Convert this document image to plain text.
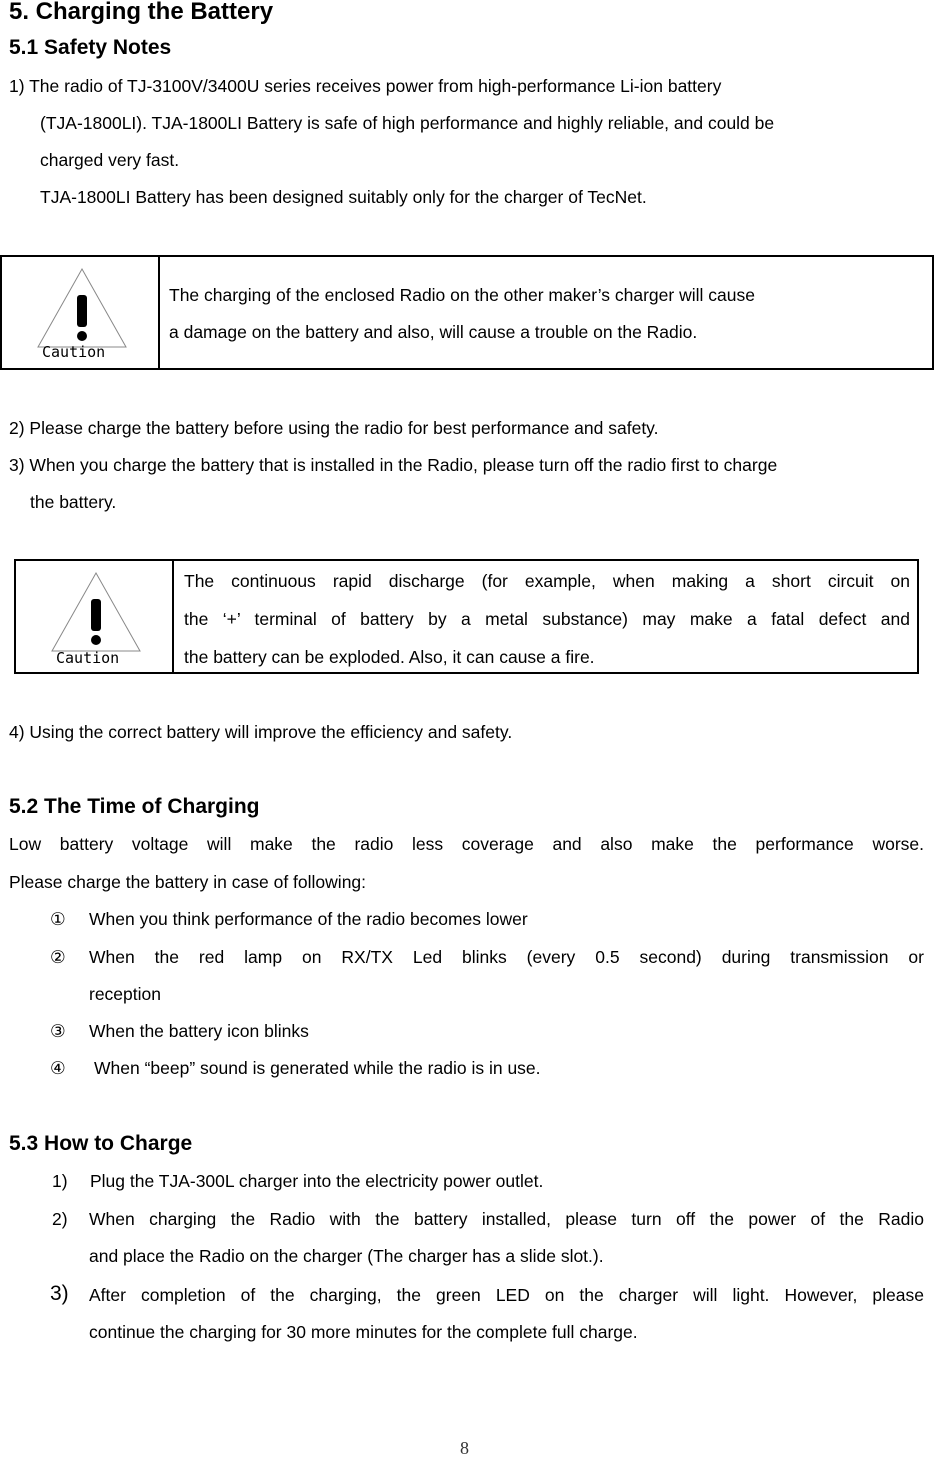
5. Charging the Battery
5.1 Safety Notes
1) The radio of TJ-3100V/3400U series receives power from high-performance Li-ion battery
(TJA-1800LI). TJA-1800LI Battery is safe of high performance and highly reliable, and could be
charged very fast.
TJA-1800LI Battery has been designed suitably only for the charger of TecNet.
Caution
The charging of the enclosed Radio on the other maker’s charger will cause
a damage on the battery and also, will cause a trouble on the Radio.
2) Please charge the battery before using the radio for best performance and safety.
3) When you charge the battery that is installed in the Radio, please turn off the radio first to charge
the battery.
Caution
The continuous rapid discharge (for example, when making a short circuit on
the ‘+’ terminal of battery by a metal substance) may make a fatal defect and
the battery can be exploded. Also, it can cause a fire.
4) Using the correct battery will improve the efficiency and safety.
5.2 The Time of Charging
Low battery voltage will make the radio less coverage and also make the performance worse.
Please charge the battery in case of following:
① When you think performance of the radio becomes lower
② When the red lamp on RX/TX Led blinks (every 0.5 second) during transmission or
reception
③ When the battery icon blinks
④ When “beep” sound is generated while the radio is in use.
5.3 How to Charge
1) Plug the TJA-300L charger into the electricity power outlet.
2) When charging the Radio with the battery installed, please turn off the power of the Radio
and place the Radio on the charger (The charger has a slide slot.).
3) After completion of the charging, the green LED on the charger will light. However, please
continue the charging for 30 more minutes for the complete full charge.
8
